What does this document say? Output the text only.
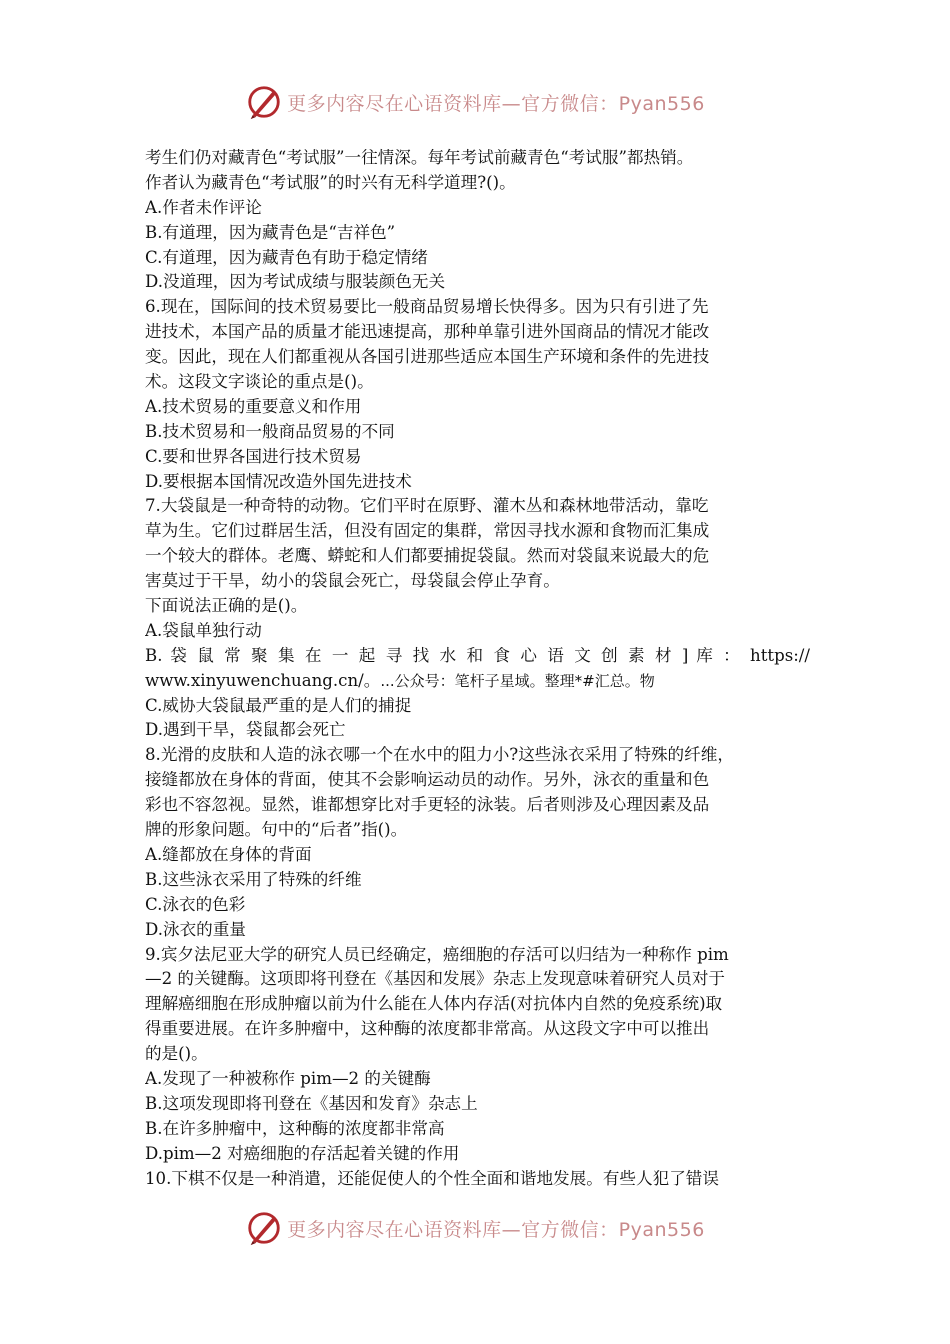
更多内容尽在心语资料库—官方微信：Pyan556
考生们仍对藏青色“考试服”一往情深。每年考试前藏青色“考试服”都热销。
作者认为藏青色“考试服”的时兴有无科学道理?()。
A.作者未作评论
B.有道理，因为藏青色是“吉祥色”
C.有道理，因为藏青色有助于稳定情绪
D.没道理，因为考试成绩与服装颜色无关
6.现在，国际间的技术贸易要比一般商品贸易增长快得多。因为只有引进了先
进技术，本国产品的质量才能迅速提高，那种单靠引进外国商品的情况才能改
变。因此，现在人们都重视从各国引进那些适应本国生产环境和条件的先进技
术。这段文字谈论的重点是()。
A.技术贸易的重要意义和作用
B.技术贸易和一般商品贸易的不同
C.要和世界各国进行技术贸易
D.要根据本国情况改造外国先进技术
7.大袋鼠是一种奇特的动物。它们平时在原野、灌木丛和森林地带活动，靠吃
草为生。它们过群居生活，但没有固定的集群，常因寻找水源和食物而汇集成
一个较大的群体。老鹰、蟒蛇和人们都要捕捉袋鼠。然而对袋鼠来说最大的危
害莫过于干旱，幼小的袋鼠会死亡，母袋鼠会停止孕育。
下面说法正确的是()。
A.袋鼠单独行动
B. 袋 鼠 常 聚 集 在 一 起 寻 找 水 和 食 心 语 文 创 素 材 ] 库 ： https://
www.xinyuwenchuang.cn/。...公众号：笔杆子星域。整理*#汇总。物
C.威协大袋鼠最严重的是人们的捕捉
D.遇到干旱，袋鼠都会死亡
8.光滑的皮肤和人造的泳衣哪一个在水中的阻力小?这些泳衣采用了特殊的纤维，
接缝都放在身体的背面，使其不会影响运动员的动作。另外，泳衣的重量和色
彩也不容忽视。显然，谁都想穿比对手更轻的泳装。后者则涉及心理因素及品
牌的形象问题。句中的“后者”指()。
A.缝都放在身体的背面
B.这些泳衣采用了特殊的纤维
C.泳衣的色彩
D.泳衣的重量
9.宾夕法尼亚大学的研究人员已经确定，癌细胞的存活可以归结为一种称作 pim
—2 的关键酶。这项即将刊登在《基因和发展》杂志上发现意味着研究人员对于
理解癌细胞在形成肿瘤以前为什么能在人体内存活(对抗体内自然的免疫系统)取
得重要进展。在许多肿瘤中，这种酶的浓度都非常高。从这段文字中可以推出
的是()。
A.发现了一种被称作 pim—2 的关键酶
B.这项发现即将刊登在《基因和发育》杂志上
B.在许多肿瘤中，这种酶的浓度都非常高
D.pim—2 对癌细胞的存活起着关键的作用
10.下棋不仅是一种消遣，还能促使人的个性全面和谐地发展。有些人犯了错误
更多内容尽在心语资料库—官方微信：Pyan556
